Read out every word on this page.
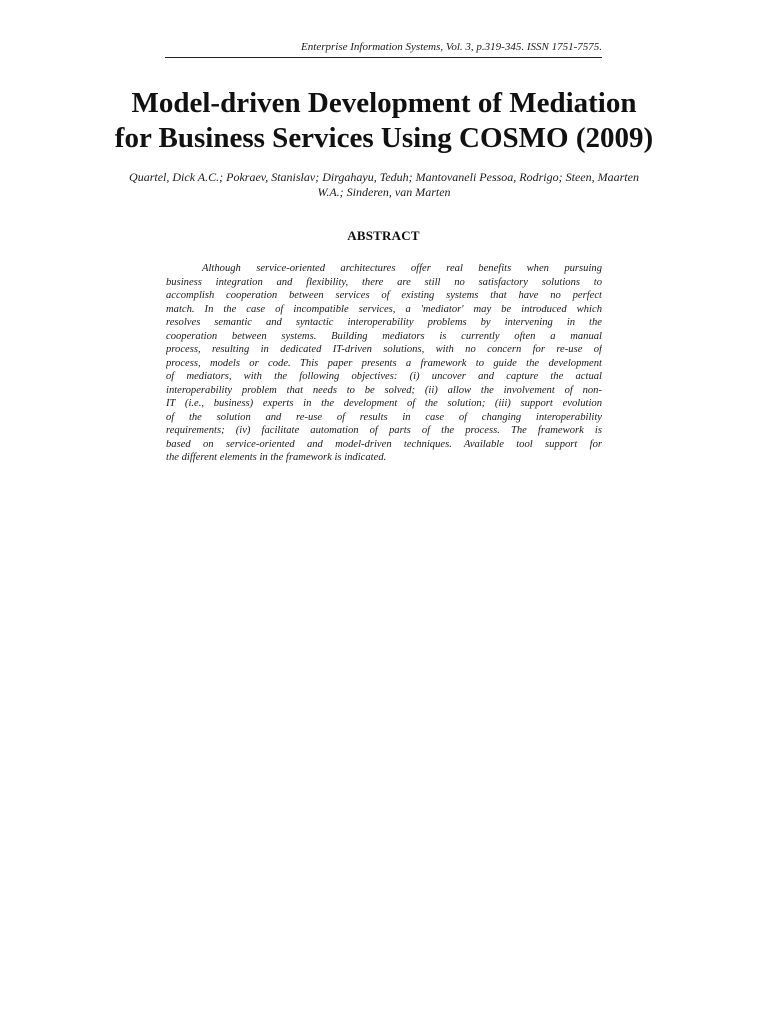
Enterprise Information Systems, Vol. 3, p.319-345. ISSN 1751-7575.
Model-driven Development of Mediation
for Business Services Using COSMO (2009)
Quartel, Dick A.C.; Pokraev, Stanislav; Dirgahayu, Teduh; Mantovaneli Pessoa, Rodrigo; Steen, Maarten
W.A.; Sinderen, van Marten
ABSTRACT
Although service-oriented architectures offer real benefits when pursuing
business integration and flexibility, there are still no satisfactory solutions to
accomplish cooperation between services of existing systems that have no perfect
match. In the case of incompatible services, a 'mediator' may be introduced which
resolves semantic and syntactic interoperability problems by intervening in the
cooperation between systems. Building mediators is currently often a manual
process, resulting in dedicated IT-driven solutions, with no concern for re-use of
process, models or code. This paper presents a framework to guide the development
of mediators, with the following objectives: (i) uncover and capture the actual
interoperability problem that needs to be solved; (ii) allow the involvement of non-
IT (i.e., business) experts in the development of the solution; (iii) support evolution
of the solution and re-use of results in case of changing interoperability
requirements; (iv) facilitate automation of parts of the process. The framework is
based on service-oriented and model-driven techniques. Available tool support for
the different elements in the framework is indicated.
